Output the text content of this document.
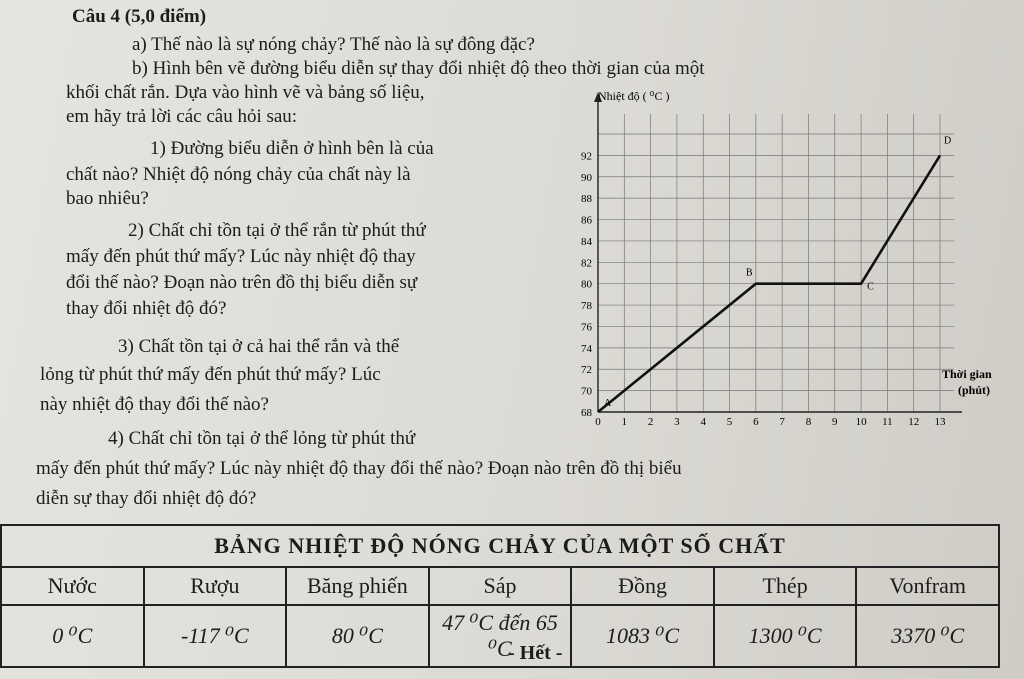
Câu 4 (5,0 điểm)
a) Thế nào là sự nóng chảy? Thế nào là sự đông đặc?
b) Hình bên vẽ đường biểu diễn sự thay đổi nhiệt độ theo thời gian của một
khối chất rắn. Dựa vào hình vẽ và bảng số liệu,
em hãy trả lời các câu hỏi sau:
1) Đường biểu diễn ở hình bên là của
chất nào? Nhiệt độ nóng chảy của chất này là
bao nhiêu?
2) Chất chỉ tồn tại ở thể rắn từ phút thứ
mấy đến phút thứ mấy? Lúc này nhiệt độ thay
đổi thế nào? Đoạn nào trên đồ thị biểu diễn sự
thay đổi nhiệt độ đó?
3) Chất tồn tại ở cả hai thể rắn và thể
lỏng từ phút thứ mấy đến phút thứ mấy? Lúc
này nhiệt độ thay đổi thế nào?
4) Chất chỉ tồn tại ở thể lỏng từ phút thứ
mấy đến phút thứ mấy? Lúc này nhiệt độ thay đổi thế nào? Đoạn nào trên đồ thị biểu
diễn sự thay đổi nhiệt độ đó?
0 1 2 3 4 5 6 7 8 9 10 11 12 13
68
70
72
74
76
78
80
82
84
86
88
90
92
A
B
C
D
Nhiệt độ ( ⁰C )
Thời gian
(phút)
BẢNG NHIỆT ĐỘ NÓNG CHẢY CỦA MỘT SỐ CHẤT						
Nước	Rượu	Băng phiến	Sáp	Đồng	Thép	Vonfram
0 ⁰C	-117 ⁰C	80 ⁰C	47 ⁰C đến 65 ⁰C	1083 ⁰C	1300 ⁰C	3370 ⁰C
- Hết -
